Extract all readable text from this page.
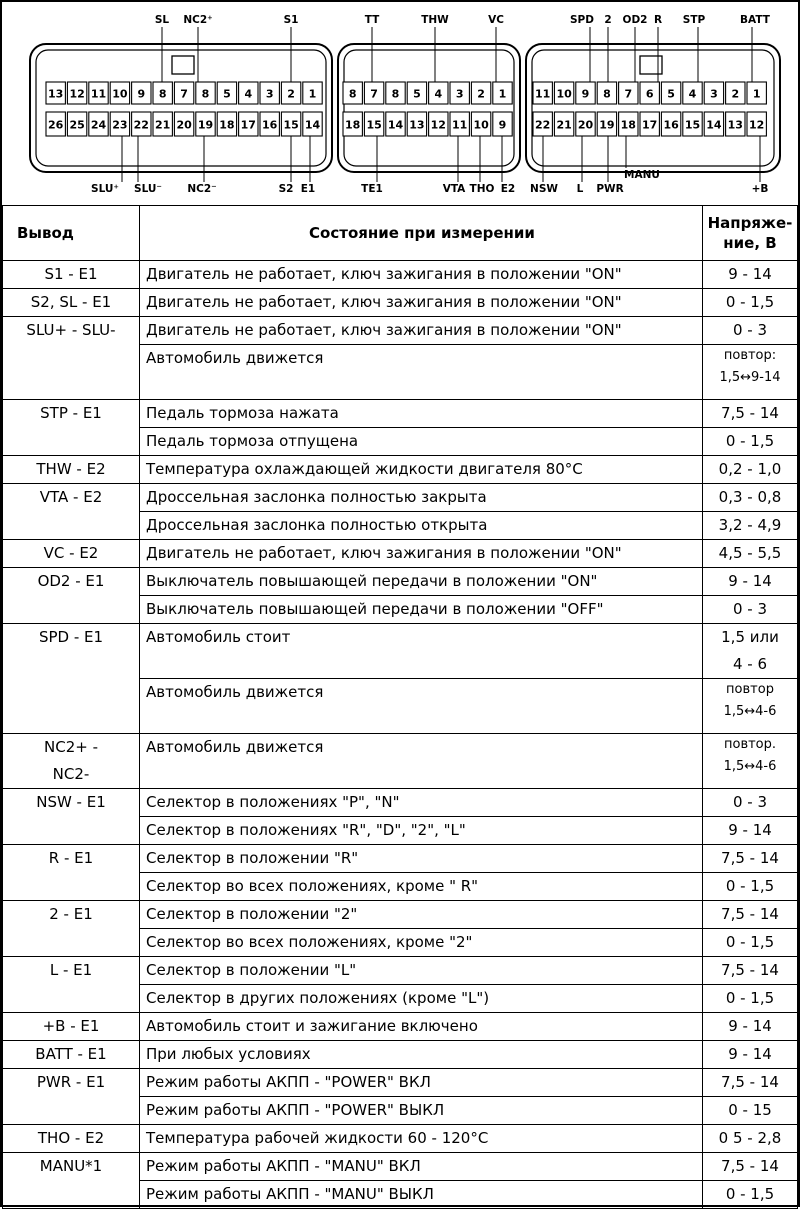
13 12 11 10 9 8 7 8 5 4 3 2 1
26 25 24 23 22 21 20 19 18 17 16 15 14
8 7 8 5 4 3 2 1
18 15 14 13 12 11 10 9
11 10 9 8 7 6 5 4 3 2 1
22 21 20 19 18 17 16 15 14 13 12
SL NC2⁺	S1	TT	THW	VC	SPD 2 OD2 R STP	BATT
SLU⁺ SLU⁻ NC2⁻	S2 E1	TE1	VTA THO E2 NSW L PWR
MANU
+B
Вывод	Состояние при измерении	Напряже-
ние, В
S1 - E1	Двигатель не работает, ключ зажигания в положении "ON"	9 - 14
S2, SL - E1	Двигатель не работает, ключ зажигания в положении "ON"	0 - 1,5
SLU+ - SLU-	Двигатель не работает, ключ зажигания в положении "ON"	0 - 3
	Автомобиль движется	повтор:
1,5↔9-14
STP - E1	Педаль тормоза нажата	7,5 - 14
	Педаль тормоза отпущена	0 - 1,5
THW - E2	Температура охлаждающей жидкости двигателя 80°C	0,2 - 1,0
VTA - E2	Дроссельная заслонка полностью закрыта	0,3 - 0,8
	Дроссельная заслонка полностью открыта	3,2 - 4,9
VC - E2	Двигатель не работает, ключ зажигания в положении "ON"	4,5 - 5,5
OD2 - E1	Выключатель повышающей передачи в положении "ON"	9 - 14
	Выключатель повышающей передачи в положении "OFF"	0 - 3
SPD - E1	Автомобиль стоит	1,5 или
4 - 6
	Автомобиль движется	повтор
1,5↔4-6
NC2+ -
NC2-	Автомобиль движется	повтор.
1,5↔4-6
NSW - E1	Селектор в положениях "P", "N"	0 - 3
	Селектор в положениях "R", "D", "2", "L"	9 - 14
R - E1	Селектор в положении "R"	7,5 - 14
	Селектор во всех положениях, кроме " R"	0 - 1,5
2 - E1	Селектор в положении "2"	7,5 - 14
	Селектор во всех положениях, кроме "2"	0 - 1,5
L - E1	Селектор в положении "L"	7,5 - 14
	Селектор в других положениях (кроме "L")	0 - 1,5
+B - E1	Автомобиль стоит и зажигание включено	9 - 14
BATT - E1	При любых условиях	9 - 14
PWR - E1	Режим работы АКПП - "POWER" ВКЛ	7,5 - 14
	Режим работы АКПП - "POWER" ВЫКЛ	0 - 15
THO - E2	Температура рабочей жидкости 60 - 120°C	0 5 - 2,8
MANU*1	Режим работы АКПП - "MANU" ВКЛ	7,5 - 14
	Режим работы АКПП - "MANU" ВЫКЛ	0 - 1,5
